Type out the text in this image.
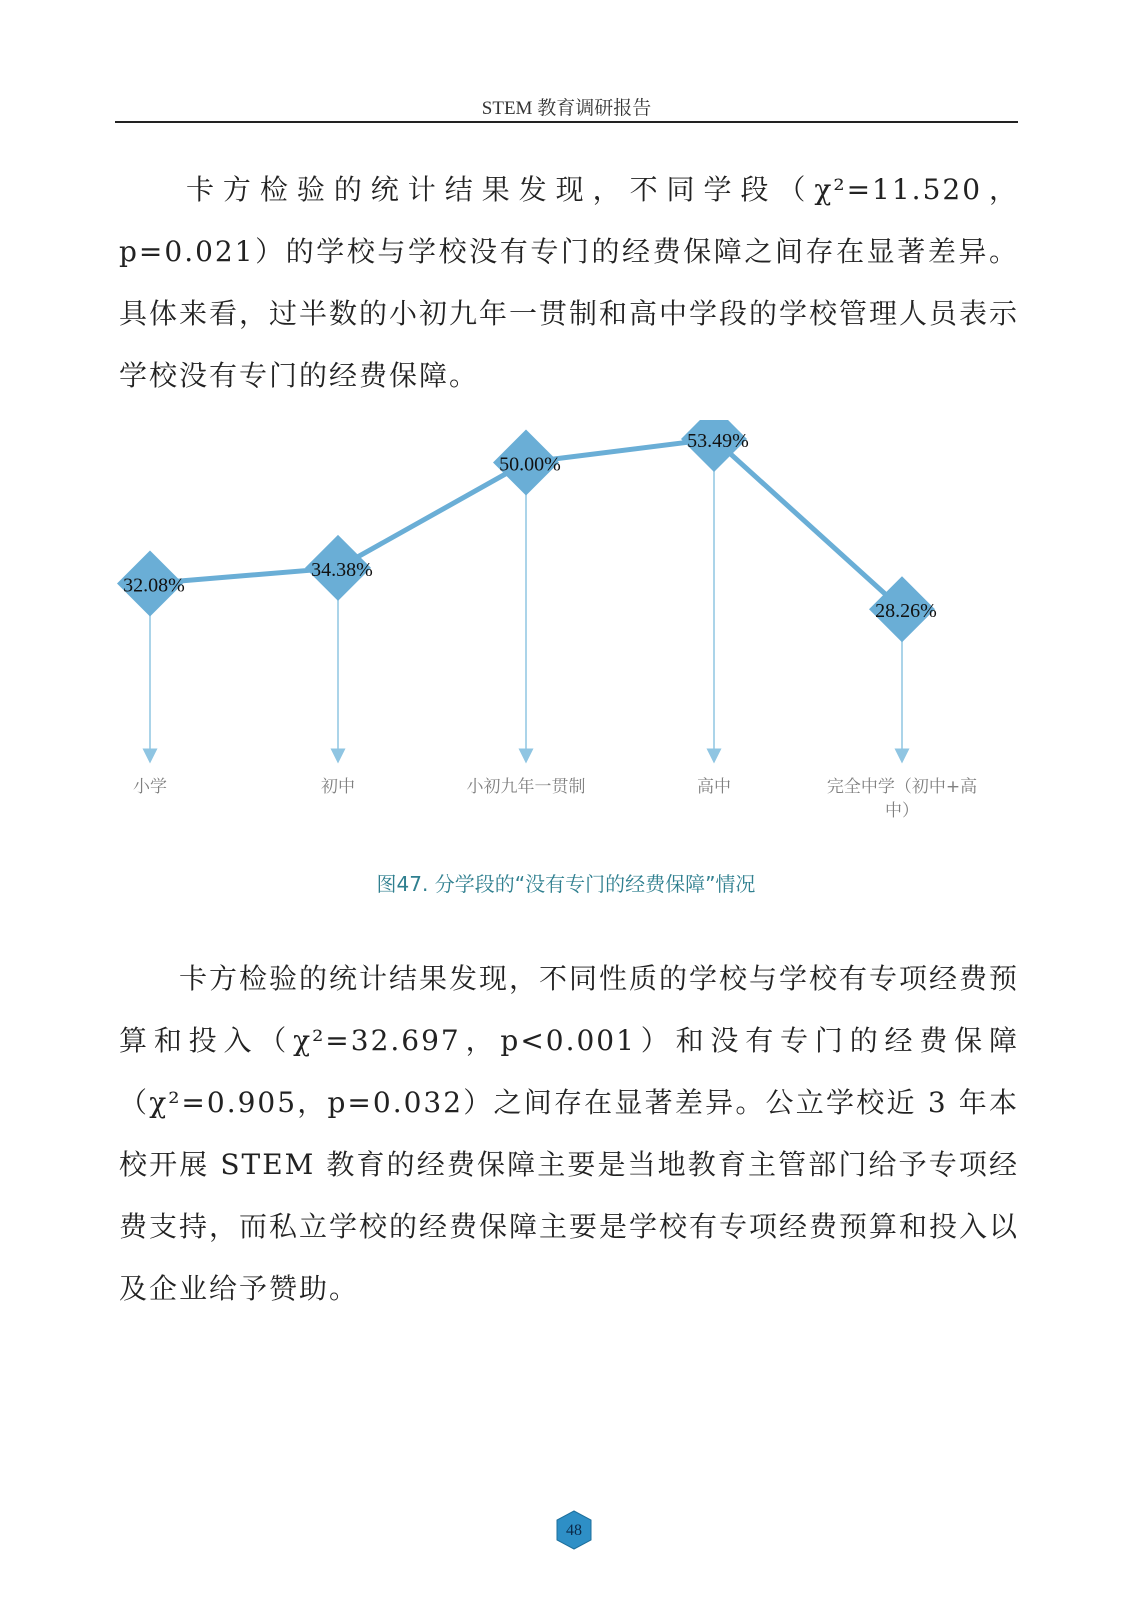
STEM 教育调研报告

卡方检验的统计结果发现，不同学段（χ²=11.520，p=0.021）的学校与学校没有专门的经费保障之间存在显著差异。具体来看，过半数的小初九年一贯制和高中学段的学校管理人员表示学校没有专门的经费保障。

32.08%
34.38%
50.00%
53.49%
28.26%
小学	初中	小初九年一贯制	高中	完全中学（初中+高中）
图47. 分学段的“没有专门的经费保障”情况

卡方检验的统计结果发现，不同性质的学校与学校有专项经费预算和投入（χ²=32.697，p<0.001）和没有专门的经费保障（χ²=0.905，p=0.032）之间存在显著差异。公立学校近 3 年本校开展 STEM 教育的经费保障主要是当地教育主管部门给予专项经费支持，而私立学校的经费保障主要是学校有专项经费预算和投入以及企业给予赞助。

48
